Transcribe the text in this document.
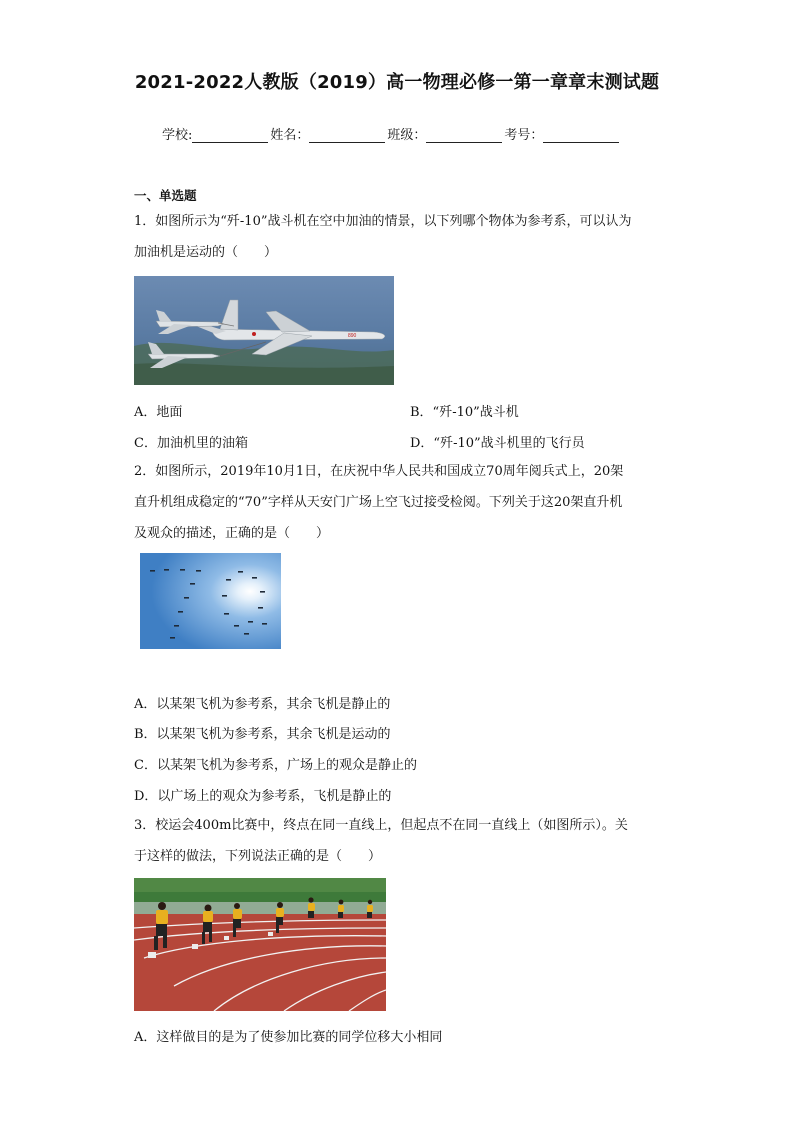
2021-2022人教版（2019）高一物理必修一第一章章末测试题
学校:	姓名：	班级：	考号：
一、单选题
1．如图所示为“歼-10”战斗机在空中加油的情景，以下列哪个物体为参考系，可以认为
加油机是运动的（　　）
890
A．地面	B．“歼-10”战斗机
C．加油机里的油箱	D．“歼-10”战斗机里的飞行员
2．如图所示，2019年10月1日，在庆祝中华人民共和国成立70周年阅兵式上，20架
直升机组成稳定的“70”字样从天安门广场上空飞过接受检阅。下列关于这20架直升机
及观众的描述，正确的是（　　）
A．以某架飞机为参考系，其余飞机是静止的
B．以某架飞机为参考系，其余飞机是运动的
C．以某架飞机为参考系，广场上的观众是静止的
D．以广场上的观众为参考系，飞机是静止的
3．校运会400m比赛中，终点在同一直线上，但起点不在同一直线上（如图所示）。关
于这样的做法，下列说法正确的是（　　）
A．这样做目的是为了使参加比赛的同学位移大小相同
